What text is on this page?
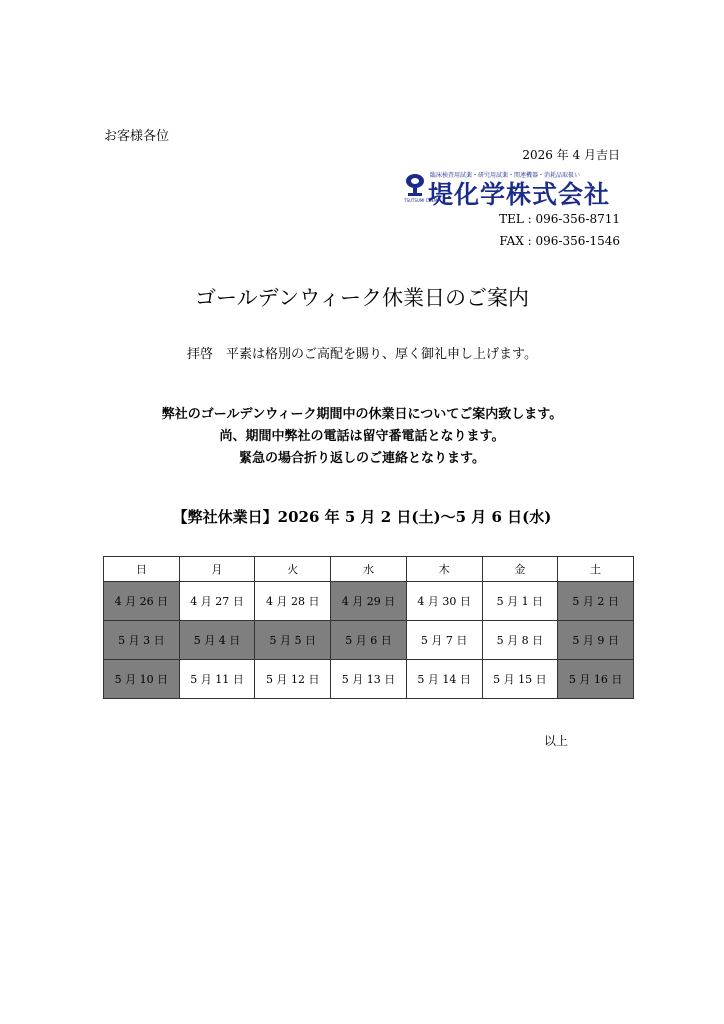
お客様各位
2026 年 4 月吉日
臨床検査用試薬・研究用試薬・関連機器・消耗品取扱い
堤化学株式会社
TSUTSUMI CHEM
TEL : 096-356-8711
FAX : 096-356-1546
ゴールデンウィーク休業日のご案内
拝啓　平素は格別のご高配を賜り、厚く御礼申し上げます。
弊社のゴールデンウィーク期間中の休業日についてご案内致します。
尚、期間中弊社の電話は留守番電話となります。
緊急の場合折り返しのご連絡となります。
【弊社休業日】2026 年 5 月 2 日(土)〜5 月 6 日(水)
日	月	火	水	木	金	土
4 月 26 日	4 月 27 日	4 月 28 日	4 月 29 日	4 月 30 日	5 月 1 日	5 月 2 日
5 月 3 日	5 月 4 日	5 月 5 日	5 月 6 日	5 月 7 日	5 月 8 日	5 月 9 日
5 月 10 日	5 月 11 日	5 月 12 日	5 月 13 日	5 月 14 日	5 月 15 日	5 月 16 日
以上
